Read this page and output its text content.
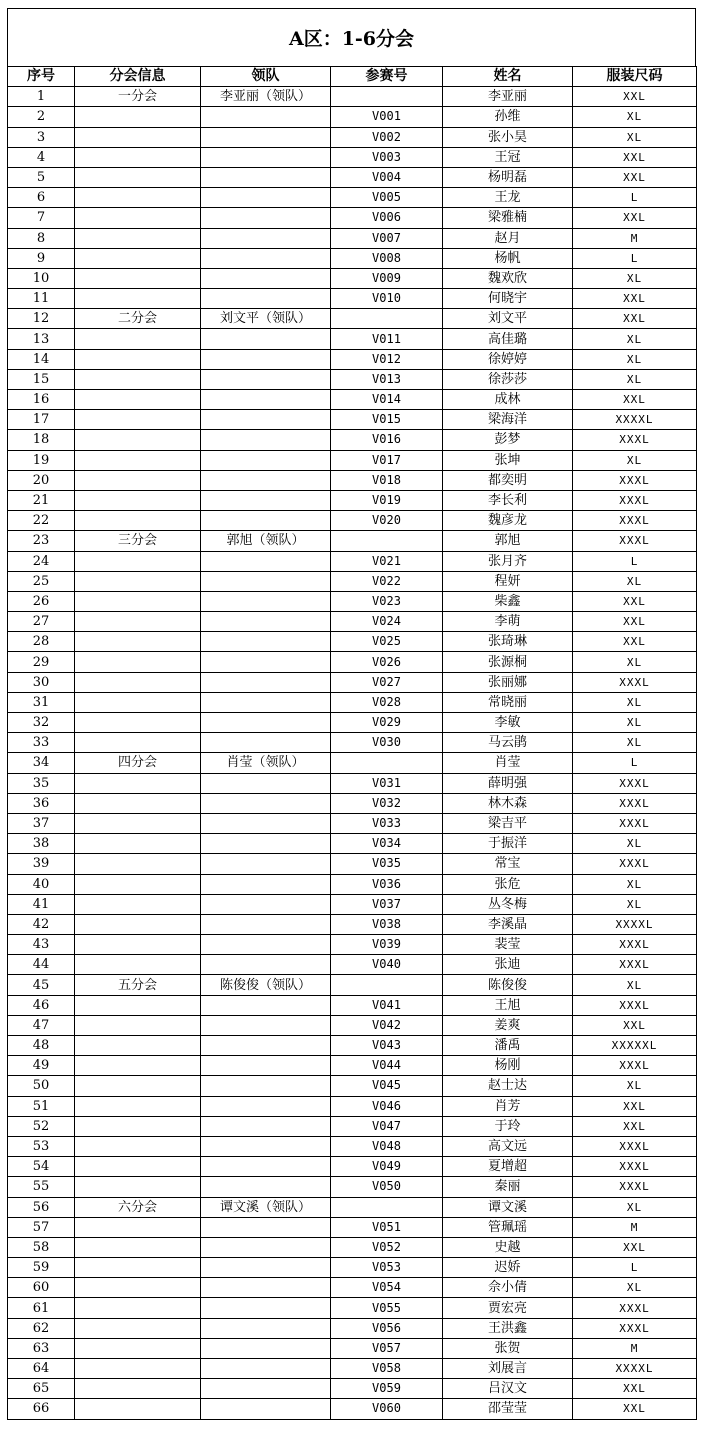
A区：1-6分会
序号	分会信息	领队	参赛号	姓名	服装尺码
1	一分会	李亚丽（领队）		李亚丽	XXL
2			V001	孙维	XL
3			V002	张小昊	XL
4			V003	王冠	XXL
5			V004	杨明磊	XXL
6			V005	王龙	L
7			V006	梁雅楠	XXL
8			V007	赵月	M
9			V008	杨帆	L
10			V009	魏欢欣	XL
11			V010	何晓宇	XXL
12	二分会	刘文平（领队）		刘文平	XXL
13			V011	高佳璐	XL
14			V012	徐婷婷	XL
15			V013	徐莎莎	XL
16			V014	成林	XXL
17			V015	梁海洋	XXXXL
18			V016	彭梦	XXXL
19			V017	张坤	XL
20			V018	都奕明	XXXL
21			V019	李长利	XXXL
22			V020	魏彦龙	XXXL
23	三分会	郭旭（领队）		郭旭	XXXL
24			V021	张月齐	L
25			V022	程妍	XL
26			V023	柴鑫	XXL
27			V024	李萌	XXL
28			V025	张琦琳	XXL
29			V026	张源桐	XL
30			V027	张丽娜	XXXL
31			V028	常晓丽	XL
32			V029	李敏	XL
33			V030	马云鹃	XL
34	四分会	肖莹（领队）		肖莹	L
35			V031	薛明强	XXXL
36			V032	林木森	XXXL
37			V033	梁吉平	XXXL
38			V034	于振洋	XL
39			V035	常宝	XXXL
40			V036	张危	XL
41			V037	丛冬梅	XL
42			V038	李溪晶	XXXXL
43			V039	裴莹	XXXL
44			V040	张迪	XXXL
45	五分会	陈俊俊（领队）		陈俊俊	XL
46			V041	王旭	XXXL
47			V042	姜爽	XXL
48			V043	潘禹	XXXXXL
49			V044	杨刚	XXXL
50			V045	赵士达	XL
51			V046	肖芳	XXL
52			V047	于玲	XXL
53			V048	高文远	XXXL
54			V049	夏增超	XXXL
55			V050	秦丽	XXXL
56	六分会	谭文溪（领队）		谭文溪	XL
57			V051	管珮瑶	M
58			V052	史越	XXL
59			V053	迟娇	L
60			V054	佘小倩	XL
61			V055	贾宏亮	XXXL
62			V056	王洪鑫	XXXL
63			V057	张贺	M
64			V058	刘展言	XXXXL
65			V059	吕汉文	XXL
66			V060	邵莹莹	XXL
